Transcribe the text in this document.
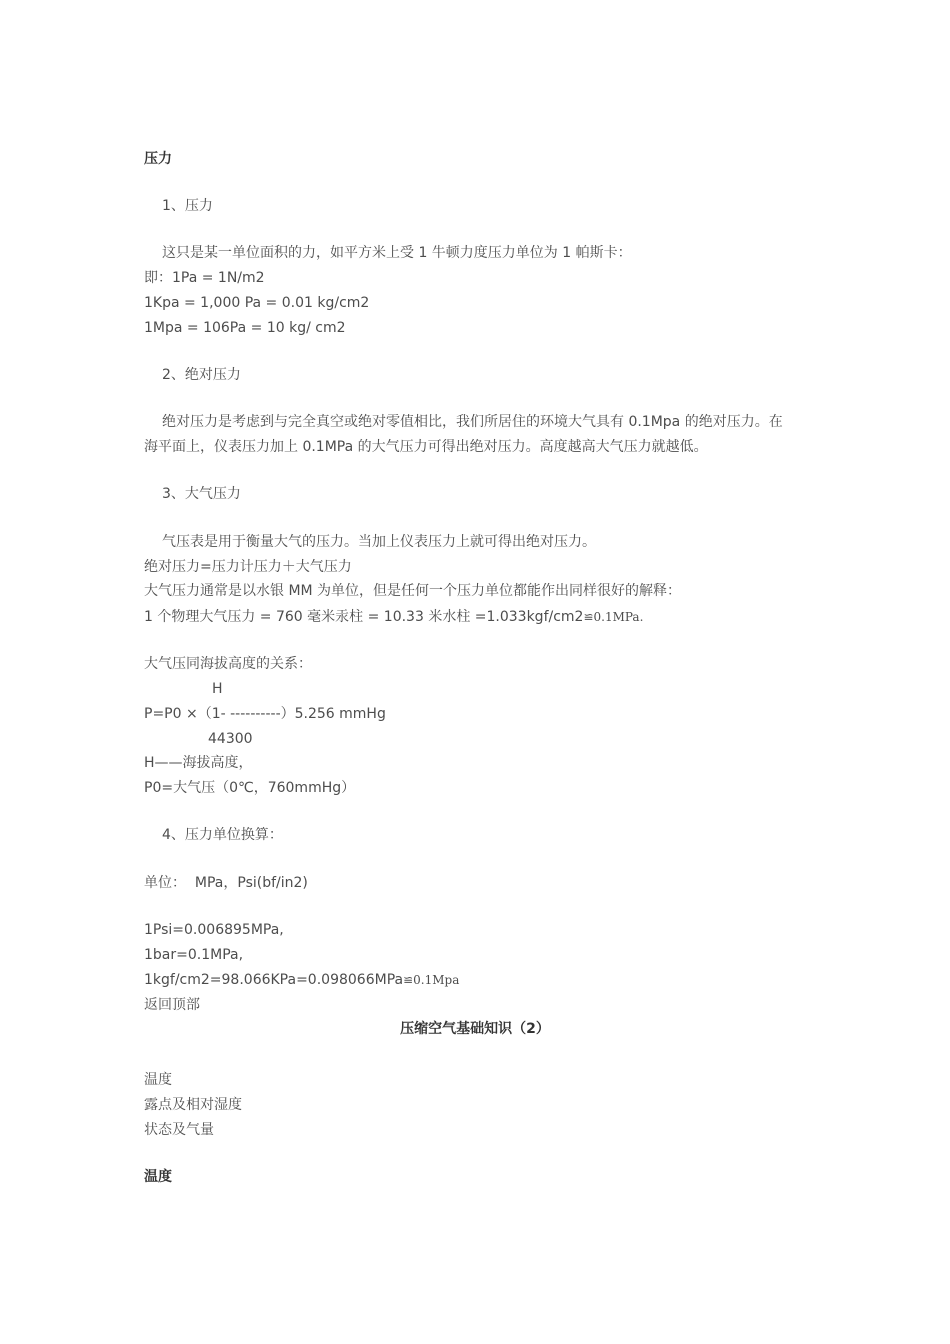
压力
1、压力
这只是某一单位面积的力，如平方米上受 1 牛顿力度压力单位为 1 帕斯卡：
即：1Pa = 1N/m2
1Kpa = 1,000 Pa = 0.01 kg/cm2
1Mpa = 106Pa = 10 kg/ cm2
2、绝对压力
绝对压力是考虑到与完全真空或绝对零值相比，我们所居住的环境大气具有 0.1Mpa 的绝对压力。在
海平面上，仪表压力加上 0.1MPa 的大气压力可得出绝对压力。高度越高大气压力就越低。
3、大气压力
气压表是用于衡量大气的压力。当加上仪表压力上就可得出绝对压力。
绝对压力=压力计压力＋大气压力
大气压力通常是以水银 MM 为单位，但是任何一个压力单位都能作出同样很好的解释：
1 个物理大气压力 = 760 毫米汞柱 = 10.33 米水柱 =1.033kgf/cm2≌0.1MPa.
大气压同海拔高度的关系：
H
P=P0 ×（1- ----------）5.256 mmHg
44300
H——海拔高度，
P0=大气压（0℃，760mmHg）
4、压力单位换算：
单位：  MPa，Psi(bf/in2)
1Psi=0.006895MPa,
1bar=0.1MPa,
1kgf/cm2=98.066KPa=0.098066MPa≌0.1Mpa
返回顶部
压缩空气基础知识（2）
温度
露点及相对湿度
状态及气量
温度
